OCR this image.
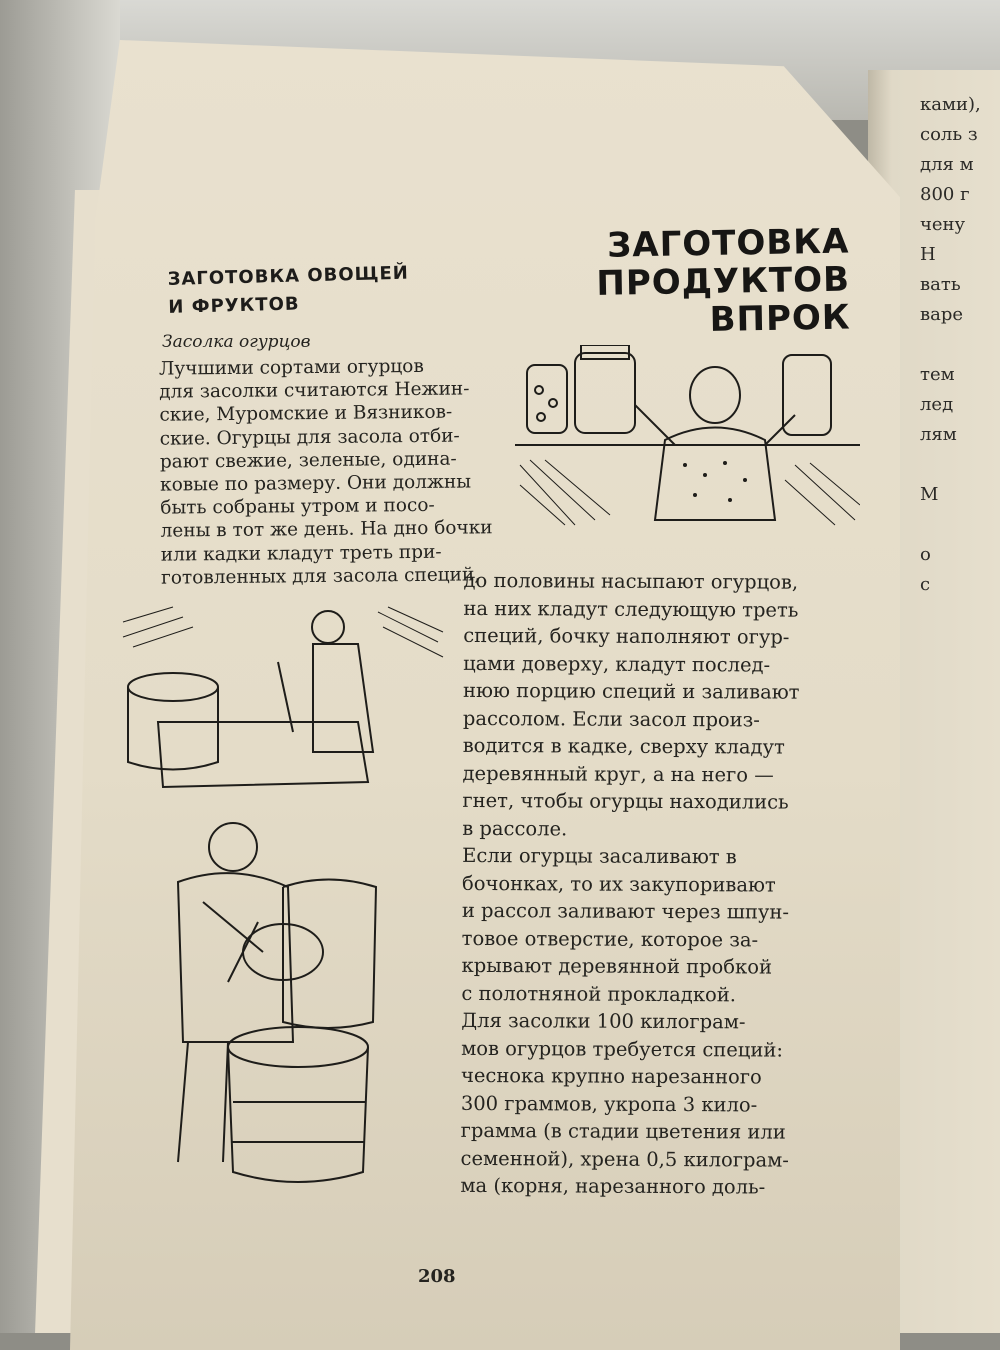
ками),
соль з
для м
800 г
чену
Н
вать
варе
тем
лед
лям
М
о
с
ЗАГОТОВКА ОВОЩЕЙ
И ФРУКТОВ
ЗАГОТОВКА
ПРОДУКТОВ
ВПРОК
Засолка огурцов
Лучшими сортами огурцов
для засолки считаются Нежин-
ские, Муромские и Вязников-
ские. Огурцы для засола отби-
рают свежие, зеленые, одина-
ковые по размеру. Они должны
быть собраны утром и посо-
лены в тот же день. На дно бочки
или кадки кладут треть при-
готовленных для засола специй,
до половины насыпают огурцов,
на них кладут следующую треть
специй, бочку наполняют огур-
цами доверху, кладут послед-
нюю порцию специй и заливают
рассолом. Если засол произ-
водится в кадке, сверху кладут
деревянный круг, а на него —
гнет, чтобы огурцы находились
в рассоле.
Если огурцы засаливают в
бочонках, то их закупоривают
и рассол заливают через шпун-
товое отверстие, которое за-
крывают деревянной пробкой
с полотняной прокладкой.
Для засолки 100 килограм-
мов огурцов требуется специй:
чеснока крупно нарезанного
300 граммов, укропа 3 кило-
грамма (в стадии цветения или
семенной), хрена 0,5 килограм-
ма (корня, нарезанного доль-
208
